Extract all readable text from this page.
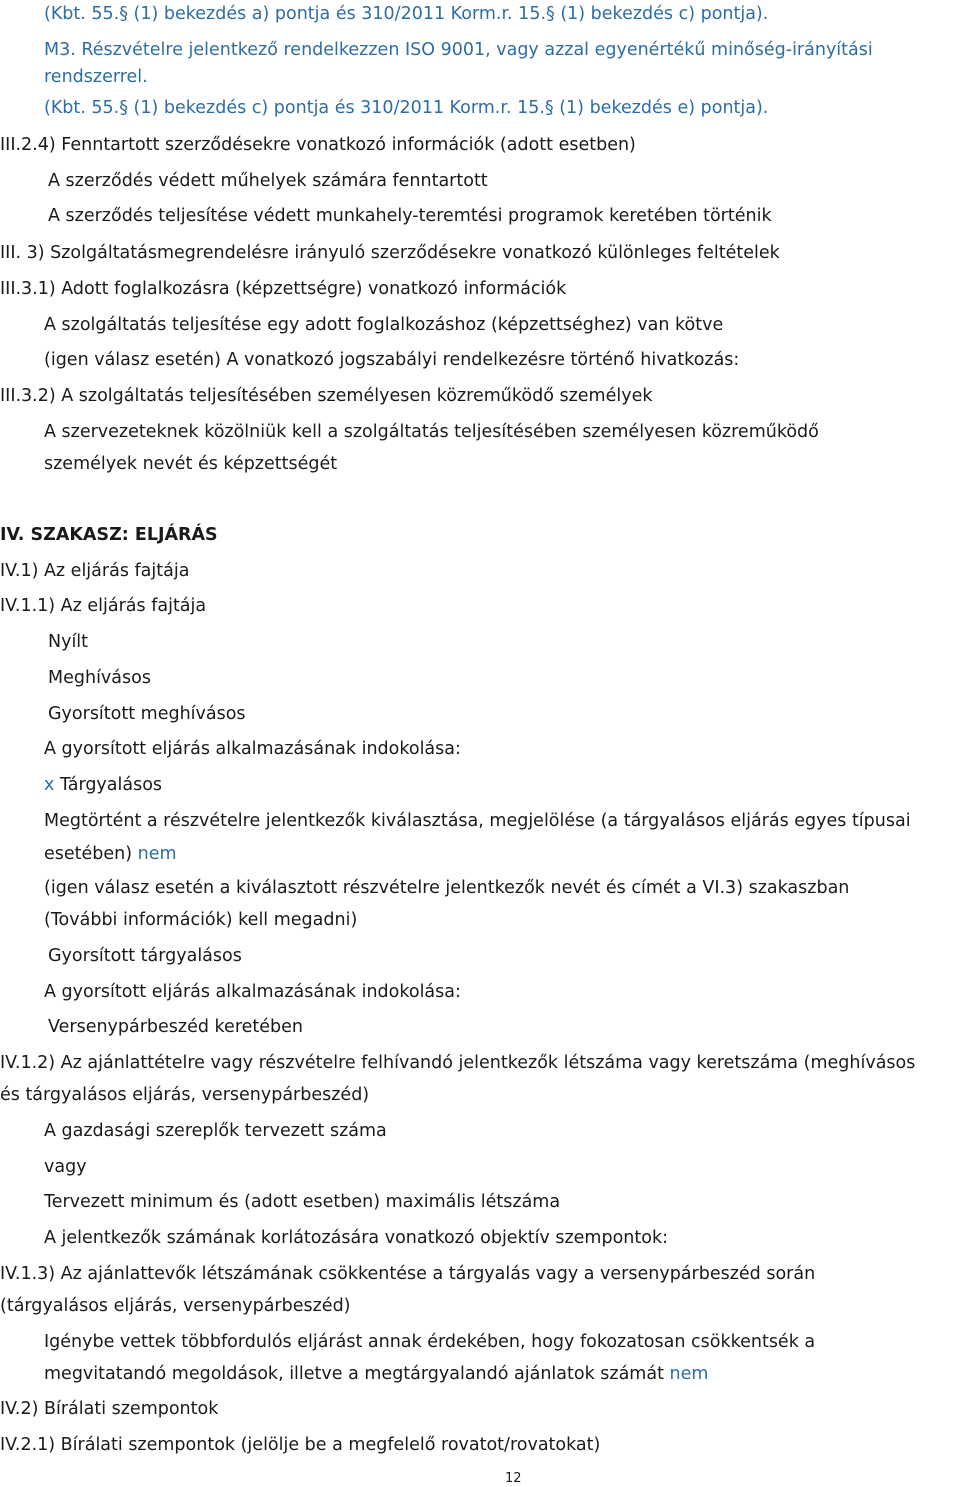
(Kbt. 55.§ (1) bekezdés a) pontja és 310/2011 Korm.r. 15.§ (1) bekezdés c) pontja).
M3. Részvételre jelentkező rendelkezzen ISO 9001, vagy azzal egyenértékű minőség-irányítási
rendszerrel.
(Kbt. 55.§ (1) bekezdés c) pontja és 310/2011 Korm.r. 15.§ (1) bekezdés e) pontja).
III.2.4) Fenntartott szerződésekre vonatkozó információk (adott esetben)
A szerződés védett műhelyek számára fenntartott
A szerződés teljesítése védett munkahely-teremtési programok keretében történik
III. 3) Szolgáltatásmegrendelésre irányuló szerződésekre vonatkozó különleges feltételek
III.3.1) Adott foglalkozásra (képzettségre) vonatkozó információk
A szolgáltatás teljesítése egy adott foglalkozáshoz (képzettséghez) van kötve
(igen válasz esetén) A vonatkozó jogszabályi rendelkezésre történő hivatkozás:
III.3.2) A szolgáltatás teljesítésében személyesen közreműködő személyek
A szervezeteknek közölniük kell a szolgáltatás teljesítésében személyesen közreműködő
személyek nevét és képzettségét
IV. SZAKASZ: ELJÁRÁS
IV.1) Az eljárás fajtája
IV.1.1) Az eljárás fajtája
Nyílt
Meghívásos
Gyorsított meghívásos
A gyorsított eljárás alkalmazásának indokolása:
x Tárgyalásos
Megtörtént a részvételre jelentkezők kiválasztása, megjelölése (a tárgyalásos eljárás egyes típusai
esetében) nem
(igen válasz esetén a kiválasztott részvételre jelentkezők nevét és címét a VI.3) szakaszban
(További információk) kell megadni)
Gyorsított tárgyalásos
A gyorsított eljárás alkalmazásának indokolása:
Versenypárbeszéd keretében
IV.1.2) Az ajánlattételre vagy részvételre felhívandó jelentkezők létszáma vagy keretszáma (meghívásos
és tárgyalásos eljárás, versenypárbeszéd)
A gazdasági szereplők tervezett száma
vagy
Tervezett minimum és (adott esetben) maximális létszáma
A jelentkezők számának korlátozására vonatkozó objektív szempontok:
IV.1.3) Az ajánlattevők létszámának csökkentése a tárgyalás vagy a versenypárbeszéd során
(tárgyalásos eljárás, versenypárbeszéd)
Igénybe vettek többfordulós eljárást annak érdekében, hogy fokozatosan csökkentsék a
megvitatandó megoldások, illetve a megtárgyalandó ajánlatok számát nem
IV.2) Bírálati szempontok
IV.2.1) Bírálati szempontok (jelölje be a megfelelő rovatot/rovatokat)
12
